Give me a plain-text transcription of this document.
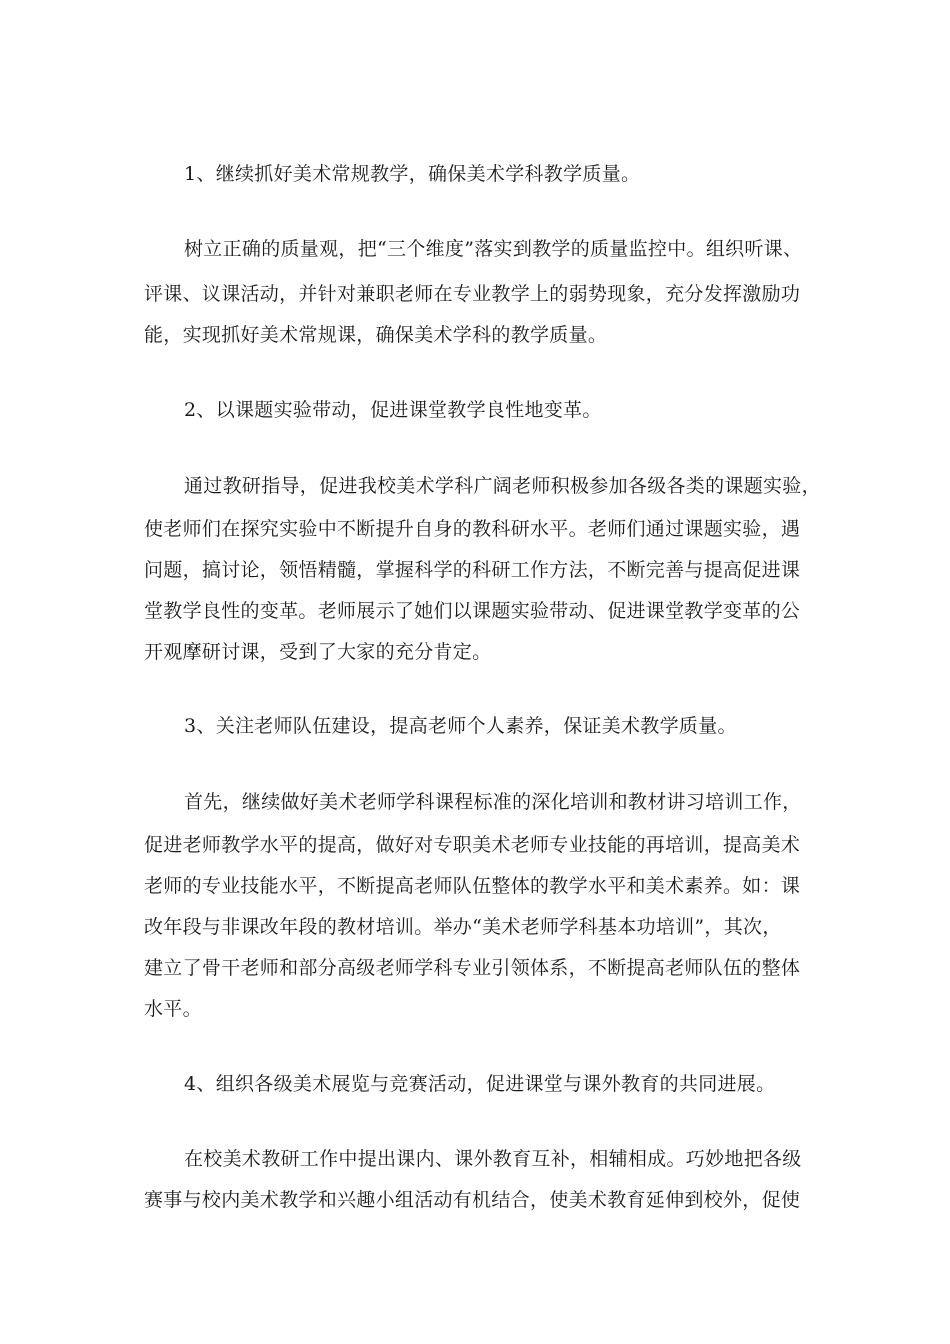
1、继续抓好美术常规教学，确保美术学科教学质量。
树立正确的质量观，把“三个维度”落实到教学的质量监控中。组织听课、
评课、议课活动，并针对兼职老师在专业教学上的弱势现象，充分发挥激励功
能，实现抓好美术常规课，确保美术学科的教学质量。
2、以课题实验带动，促进课堂教学良性地变革。
通过教研指导，促进我校美术学科广阔老师积极参加各级各类的课题实验，
使老师们在探究实验中不断提升自身的教科研水平。老师们通过课题实验，遇
问题，搞讨论，领悟精髓，掌握科学的科研工作方法，不断完善与提高促进课
堂教学良性的变革。老师展示了她们以课题实验带动、促进课堂教学变革的公
开观摩研讨课，受到了大家的充分肯定。
3、关注老师队伍建设，提高老师个人素养，保证美术教学质量。
首先，继续做好美术老师学科课程标准的深化培训和教材讲习培训工作，
促进老师教学水平的提高，做好对专职美术老师专业技能的再培训，提高美术
老师的专业技能水平，不断提高老师队伍整体的教学水平和美术素养。如：课
改年段与非课改年段的教材培训。举办“美术老师学科基本功培训”，其次，
建立了骨干老师和部分高级老师学科专业引领体系，不断提高老师队伍的整体
水平。
4、组织各级美术展览与竞赛活动，促进课堂与课外教育的共同进展。
在校美术教研工作中提出课内、课外教育互补，相辅相成。巧妙地把各级
赛事与校内美术教学和兴趣小组活动有机结合，使美术教育延伸到校外，促使
